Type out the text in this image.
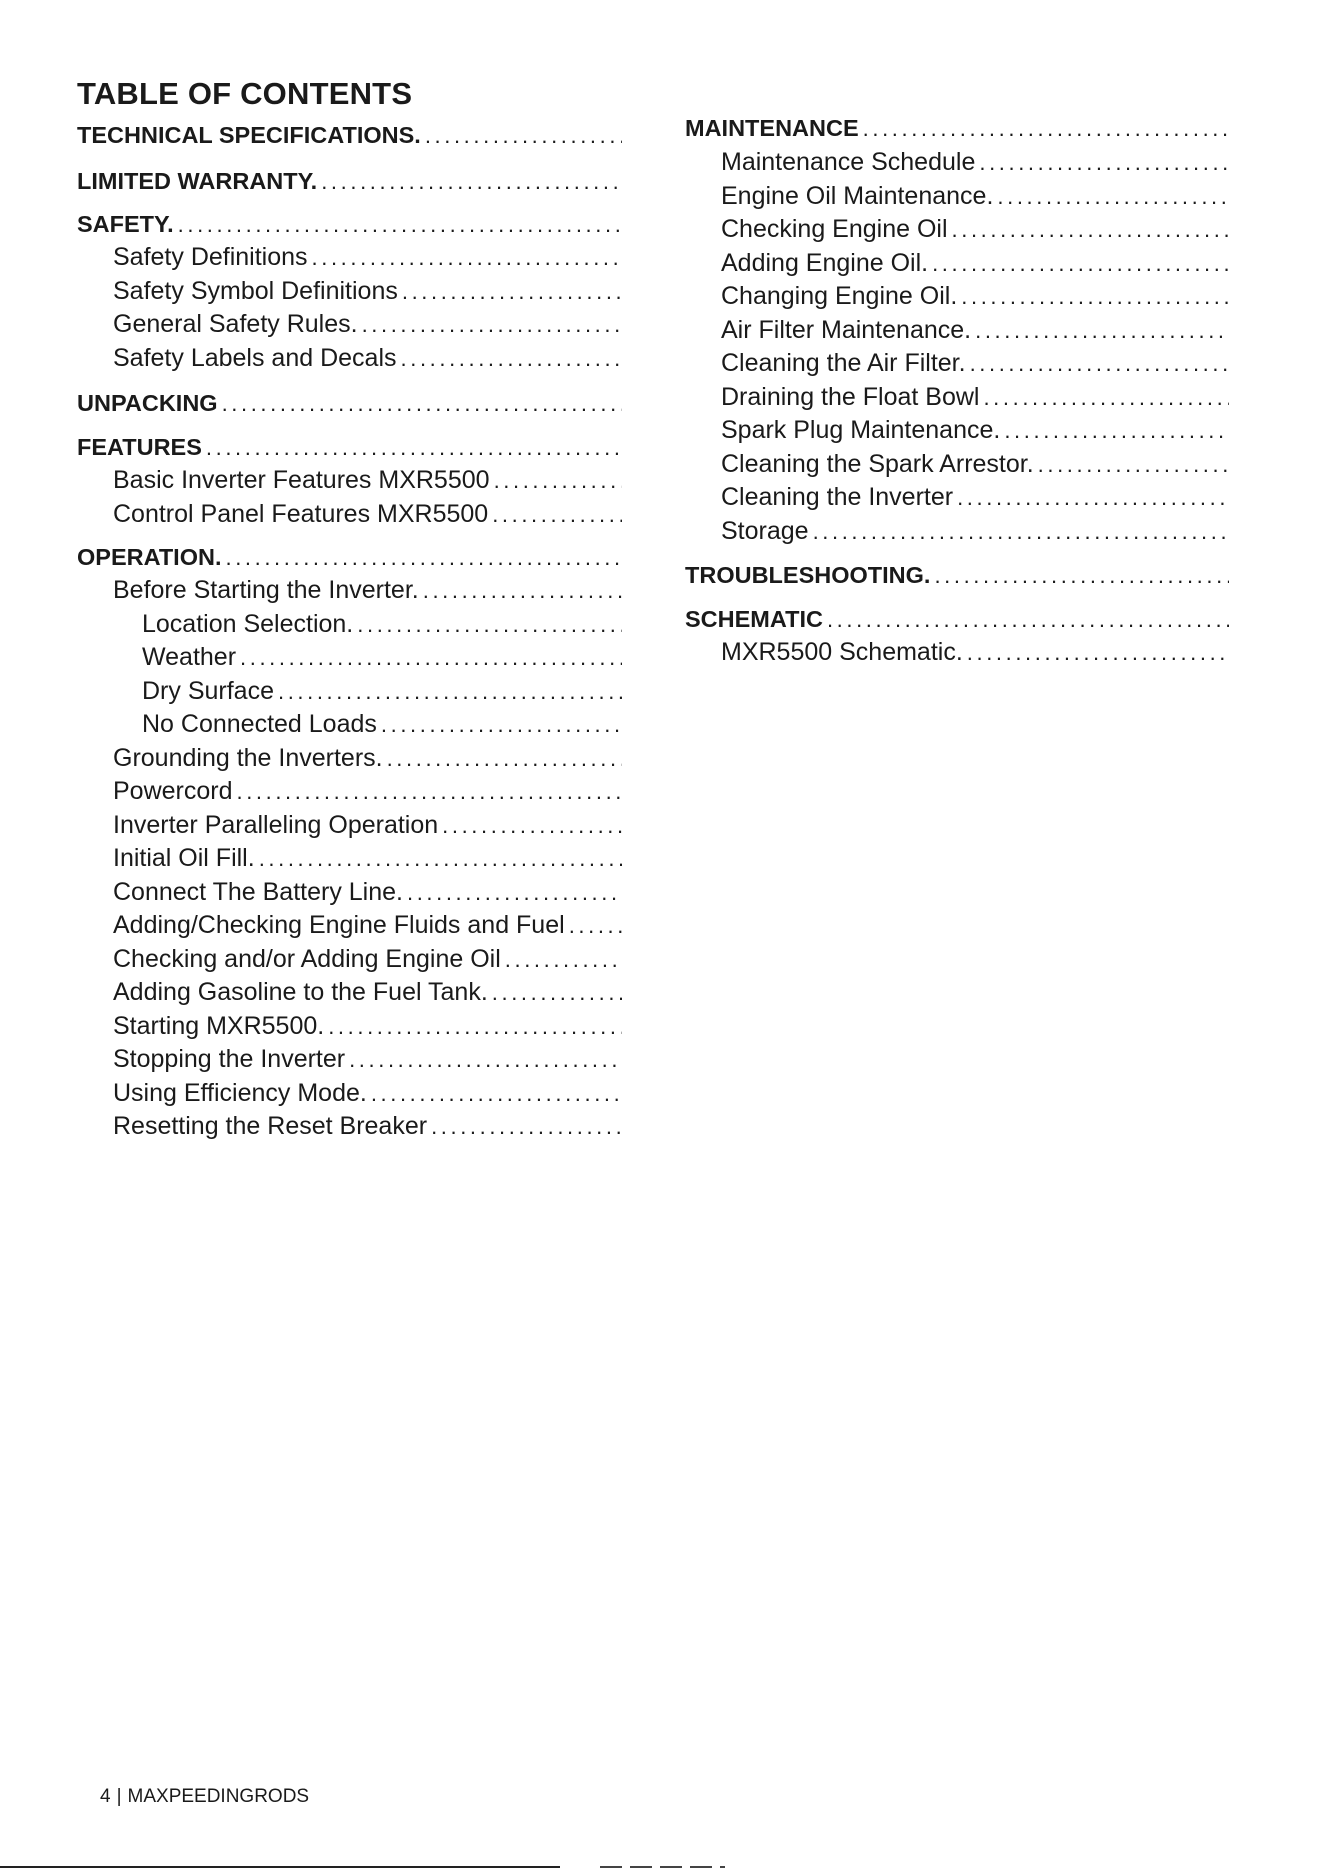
TABLE OF CONTENTS
TECHNICAL SPECIFICATIONS.
.....
LIMITED WARRANTY.
.....
SAFETY.
.....
Safety Definitions
.....
Safety Symbol Definitions
.....
General Safety Rules.
.....
Safety Labels and Decals
.....
UNPACKING
.....
FEATURES
.....
Basic Inverter Features MXR5500
.....
Control Panel Features MXR5500
.....
OPERATION.
.....
Before Starting the Inverter.
.....
Location Selection.
.....
Weather
.....
Dry Surface
.....
No Connected Loads
.....
Grounding the Inverters.
.....
Powercord
.....
Inverter Paralleling Operation
.....
Initial Oil Fill.
.....
Connect The Battery Line.
.....
Adding/Checking Engine Fluids and Fuel
.....
Checking and/or Adding Engine Oil
.....
Adding Gasoline to the Fuel Tank.
.....
Starting MXR5500.
.....
Stopping the Inverter
.....
Using Efficiency Mode.
.....
Resetting the Reset Breaker
.....
MAINTENANCE
.....
Maintenance Schedule
.....
Engine Oil Maintenance.
.....
Checking Engine Oil
.....
Adding Engine Oil.
.....
Changing Engine Oil.
.....
Air Filter Maintenance.
.....
Cleaning the Air Filter.
.....
Draining the Float Bowl
.....
Spark Plug Maintenance.
.....
Cleaning the Spark Arrestor.
.....
Cleaning the Inverter
.....
Storage
.....
TROUBLESHOOTING.
.....
SCHEMATIC
.....
MXR5500 Schematic.
.....
4 | MAXPEEDINGRODS
